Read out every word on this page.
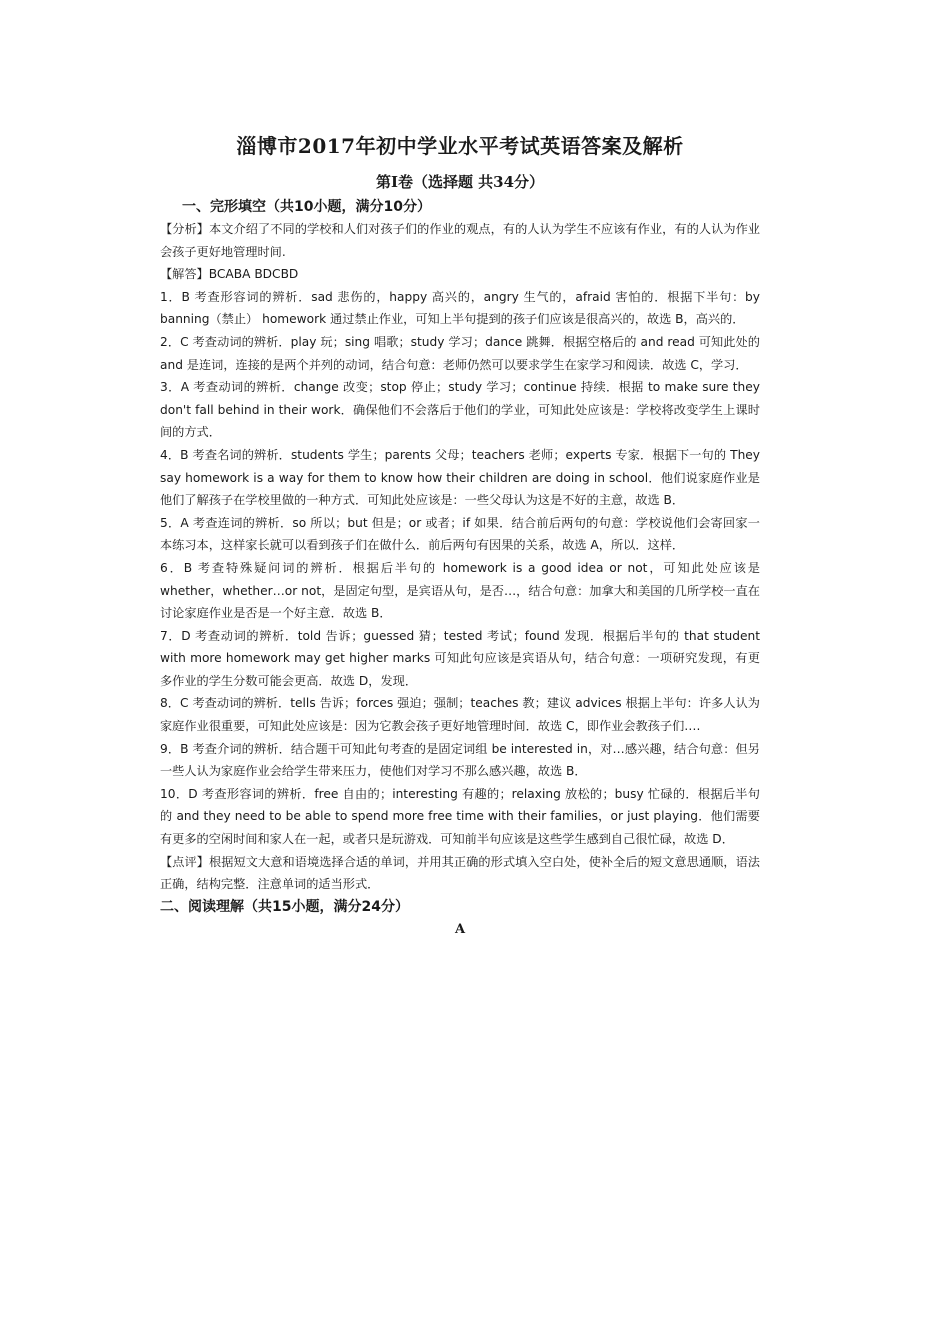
淄博市2017年初中学业水平考试英语答案及解析
第Ⅰ卷（选择题 共34分）

一、完形填空（共10小题，满分10分）

【分析】本文介绍了不同的学校和人们对孩子们的作业的观点，有的人认为学生不应该有作业，有的人认为作业会孩子更好地管理时间.

【解答】BCABA BDCBD

1．B 考查形容词的辨析．sad 悲伤的，happy 高兴的，angry 生气的，afraid 害怕的．根据下半句：by banning（禁止） homework 通过禁止作业，可知上半句提到的孩子们应该是很高兴的，故选 B，高兴的．

2．C 考查动词的辨析．play 玩；sing 唱歌；study 学习；dance 跳舞．根据空格后的 and read 可知此处的 and 是连词，连接的是两个并列的动词，结合句意：老师仍然可以要求学生在家学习和阅读．故选 C，学习．

3．A 考查动词的辨析．change 改变；stop 停止；study 学习；continue 持续．根据 to make sure they don't fall behind in their work．确保他们不会落后于他们的学业，可知此处应该是：学校将改变学生上课时间的方式．

4．B 考查名词的辨析．students 学生；parents 父母；teachers 老师；experts 专家．根据下一句的 They say homework is a way for them to know how their children are doing in school．他们说家庭作业是他们了解孩子在学校里做的一种方式．可知此处应该是：一些父母认为这是不好的主意，故选 B．

5．A 考查连词的辨析．so 所以；but 但是；or 或者；if 如果．结合前后两句的句意：学校说他们会寄回家一本练习本，这样家长就可以看到孩子们在做什么．前后两句有因果的关系，故选 A，所以．这样．

6．B 考查特殊疑问词的辨析．根据后半句的 homework is a good idea or not，可知此处应该是 whether，whether…or not，是固定句型，是宾语从句，是否…，结合句意：加拿大和美国的几所学校一直在讨论家庭作业是否是一个好主意．故选 B．

7．D 考查动词的辨析．told 告诉；guessed 猜；tested 考试；found 发现．根据后半句的 that student with more homework may get higher marks 可知此句应该是宾语从句，结合句意：一项研究发现，有更多作业的学生分数可能会更高．故选 D，发现．

8．C 考查动词的辨析．tells 告诉；forces 强迫；强制；teaches 教；建议 advices 根据上半句：许多人认为家庭作业很重要，可知此处应该是：因为它教会孩子更好地管理时间．故选 C，即作业会教孩子们….

9．B 考查介词的辨析．结合题干可知此句考查的是固定词组 be interested in，对…感兴趣，结合句意：但另一些人认为家庭作业会给学生带来压力，使他们对学习不那么感兴趣，故选 B．

10．D 考查形容词的辨析．free 自由的；interesting 有趣的；relaxing 放松的；busy 忙碌的．根据后半句的 and they need to be able to spend more free time with their families，or just playing．他们需要有更多的空闲时间和家人在一起，或者只是玩游戏．可知前半句应该是这些学生感到自己很忙碌，故选 D．

【点评】根据短文大意和语境选择合适的单词，并用其正确的形式填入空白处，使补全后的短文意思通顺，语法正确，结构完整．注意单词的适当形式．

二、阅读理解（共15小题，满分24分）

A
